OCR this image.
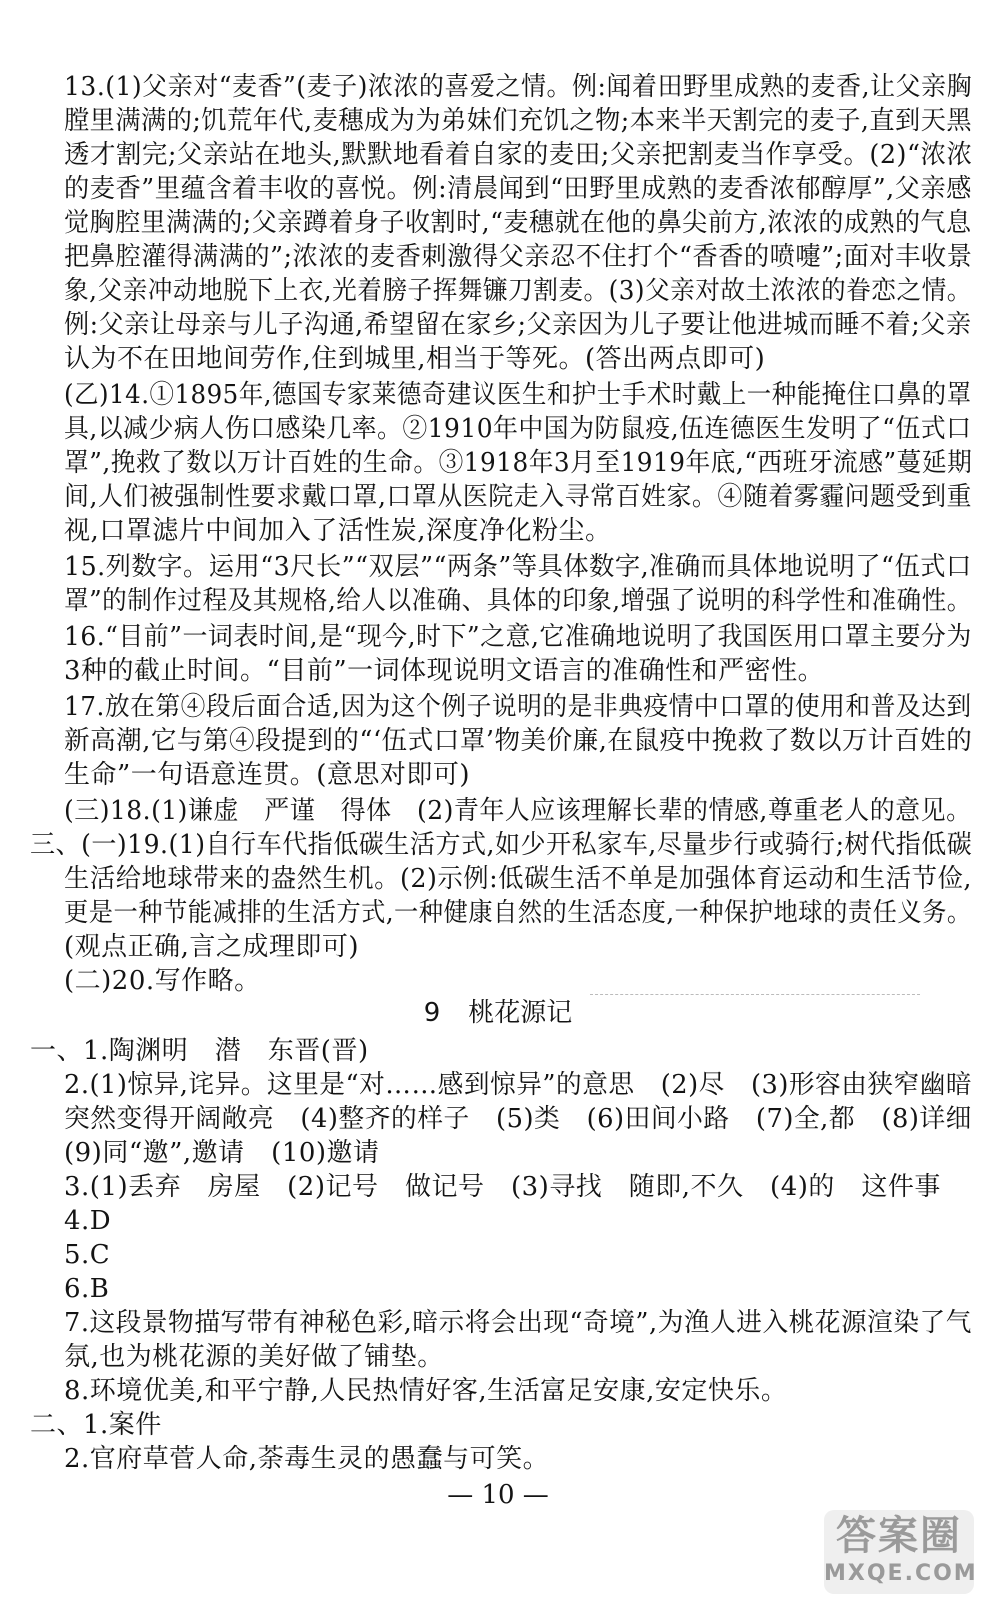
13.(1)父亲对“麦香”(麦子)浓浓的喜爱之情。例:闻着田野里成熟的麦香,让父亲胸
膛里满满的;饥荒年代,麦穗成为为弟妹们充饥之物;本来半天割完的麦子,直到天黑
透才割完;父亲站在地头,默默地看着自家的麦田;父亲把割麦当作享受。(2)“浓浓
的麦香”里蕴含着丰收的喜悦。例:清晨闻到“田野里成熟的麦香浓郁醇厚”,父亲感
觉胸腔里满满的;父亲蹲着身子收割时,“麦穗就在他的鼻尖前方,浓浓的成熟的气息
把鼻腔灌得满满的”;浓浓的麦香刺激得父亲忍不住打个“香香的喷嚏”;面对丰收景
象,父亲冲动地脱下上衣,光着膀子挥舞镰刀割麦。(3)父亲对故土浓浓的眷恋之情。
例:父亲让母亲与儿子沟通,希望留在家乡;父亲因为儿子要让他进城而睡不着;父亲
认为不在田地间劳作,住到城里,相当于等死。(答出两点即可)
(乙)14.①1895年,德国专家莱德奇建议医生和护士手术时戴上一种能掩住口鼻的罩
具,以减少病人伤口感染几率。②1910年中国为防鼠疫,伍连德医生发明了“伍式口
罩”,挽救了数以万计百姓的生命。③1918年3月至1919年底,“西班牙流感”蔓延期
间,人们被强制性要求戴口罩,口罩从医院走入寻常百姓家。④随着雾霾问题受到重
视,口罩滤片中间加入了活性炭,深度净化粉尘。
15.列数字。运用“3尺长”“双层”“两条”等具体数字,准确而具体地说明了“伍式口
罩”的制作过程及其规格,给人以准确、具体的印象,增强了说明的科学性和准确性。
16.“目前”一词表时间,是“现今,时下”之意,它准确地说明了我国医用口罩主要分为
3种的截止时间。“目前”一词体现说明文语言的准确性和严密性。
17.放在第④段后面合适,因为这个例子说明的是非典疫情中口罩的使用和普及达到
新高潮,它与第④段提到的“‘伍式口罩’物美价廉,在鼠疫中挽救了数以万计百姓的
生命”一句语意连贯。(意思对即可)
(三)18.(1)谦虚　严谨　得体　(2)青年人应该理解长辈的情感,尊重老人的意见。
三、(一)19.(1)自行车代指低碳生活方式,如少开私家车,尽量步行或骑行;树代指低碳
生活给地球带来的盎然生机。(2)示例:低碳生活不单是加强体育运动和生活节俭,
更是一种节能减排的生活方式,一种健康自然的生活态度,一种保护地球的责任义务。
(观点正确,言之成理即可)
(二)20.写作略。
9 桃花源记
一、1.陶渊明　潜　东晋(晋)
2.(1)惊异,诧异。这里是“对……感到惊异”的意思　(2)尽　(3)形容由狭窄幽暗
突然变得开阔敞亮　(4)整齐的样子　(5)类　(6)田间小路　(7)全,都　(8)详细
(9)同“邀”,邀请　(10)邀请
3.(1)丢弃　房屋　(2)记号　做记号　(3)寻找　随即,不久　(4)的　这件事
4.D
5.C
6.B
7.这段景物描写带有神秘色彩,暗示将会出现“奇境”,为渔人进入桃花源渲染了气
氛,也为桃花源的美好做了铺垫。
8.环境优美,和平宁静,人民热情好客,生活富足安康,安定快乐。
二、1.案件
2.官府草菅人命,荼毒生灵的愚蠢与可笑。
— 10 —
答案圈
MXQE.COM
